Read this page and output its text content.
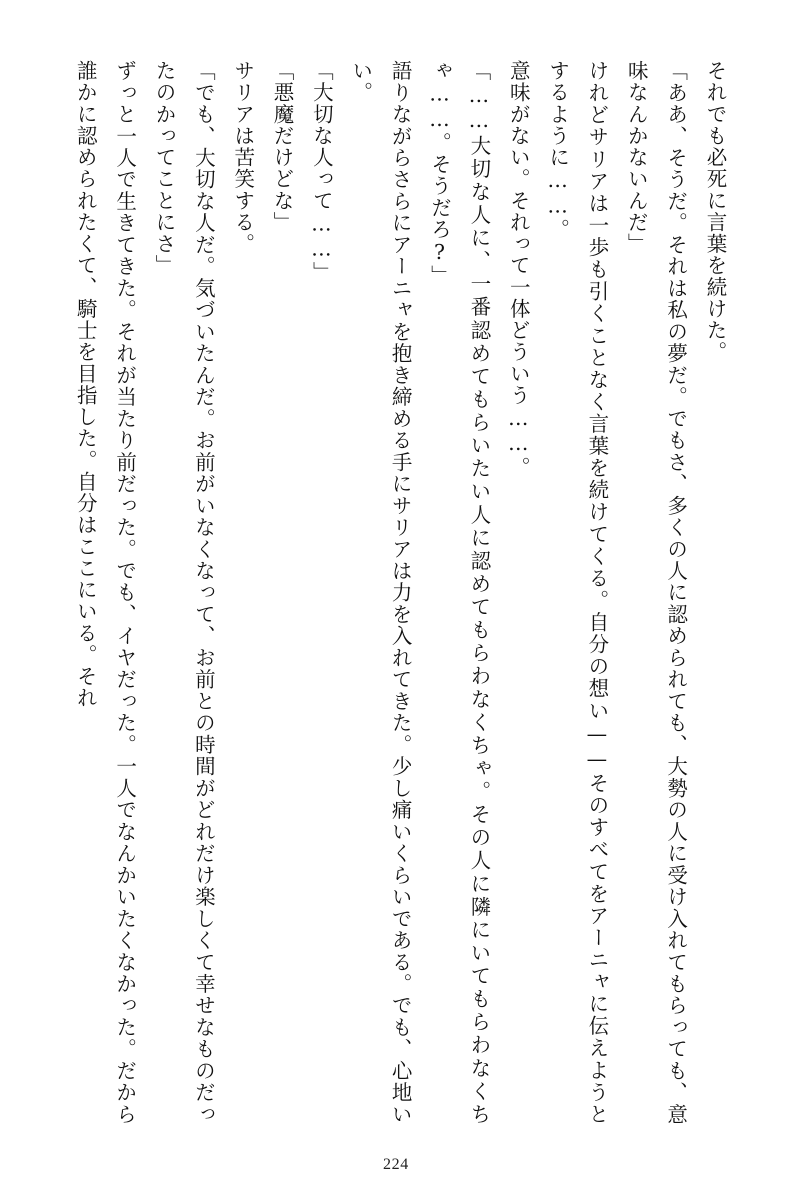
それでも必死に言葉を続けた。

「ああ、そうだ。それは私の夢だ。でもさ、多くの人に認められても、大勢の人に受け入れてもらっても、意味なんかないんだ」

けれどサリアは一歩も引くことなく言葉を続けてくる。自分の想い——そのすべてをアーニャに伝えようとするように……。

意味がない。それって一体どういう……。

「……大切な人に、一番認めてもらいたい人に認めてもらわなくちゃ。その人に隣にいてもらわなくちゃ……。そうだろ?」

語りながらさらにアーニャを抱き締める手にサリアは力を入れてきた。少し痛いくらいである。でも、心地いい。

「大切な人って……」

「悪魔だけどな」

サリアは苦笑する。

「でも、大切な人だ。気づいたんだ。お前がいなくなって、お前との時間がどれだけ楽しくて幸せなものだったのかってことにさ」

ずっと一人で生きてきた。それが当たり前だった。でも、イヤだった。一人でなんかいたくなかった。だから誰かに認められたくて、騎士を目指した。自分はここにいる。それ

224
